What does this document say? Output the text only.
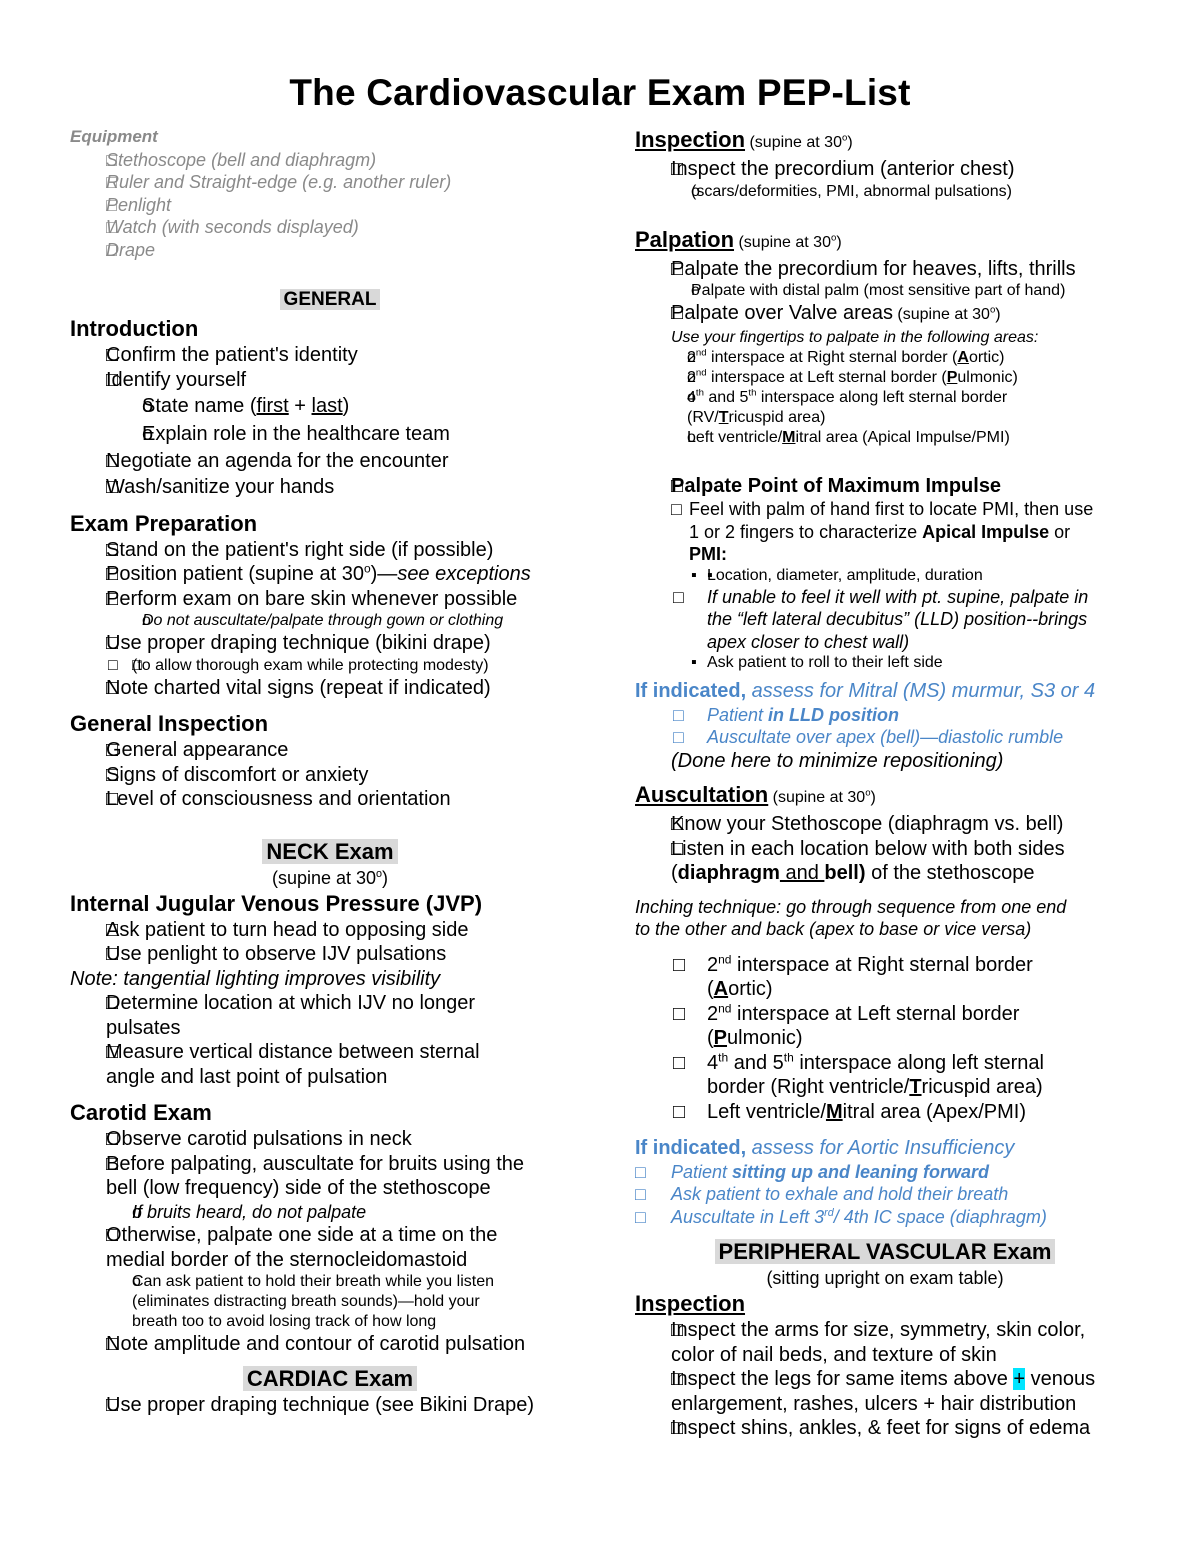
The Cardiovascular Exam PEP-List
Equipment
□ Stethoscope (bell and diaphragm)
□ Ruler and Straight-edge (e.g. another ruler)
□ Penlight
□ Watch (with seconds displayed)
□ Drape
GENERAL
Introduction
□ Confirm the patient's identity
□ Identify yourself
o State name (first + last)
o Explain role in the healthcare team
□ Negotiate an agenda for the encounter
□ Wash/sanitize your hands
Exam Preparation
□ Stand on the patient's right side (if possible)
□ Position patient (supine at 30$^o$)—see exceptions
□ Perform exam on bare skin whenever possible
o Do not auscultate/palpate through gown or clothing
□ Use proper draping technique (bikini drape)
□ □ (to allow thorough exam while protecting modesty)
□ Note charted vital signs (repeat if indicated)
General Inspection
□ General appearance
□ Signs of discomfort or anxiety
□ Level of consciousness and orientation
NECK Exam
(supine at 30$^o$)
Internal Jugular Venous Pressure (JVP)
□ Ask patient to turn head to opposing side
□ Use penlight to observe IJV pulsations
Note: tangential lighting improves visibility
□ Determine location at which IJV no longer
pulsates
□ Measure vertical distance between sternal
angle and last point of pulsation
Carotid Exam
□ Observe carotid pulsations in neck
□ Before palpating, auscultate for bruits using the
bell (low frequency) side of the stethoscope
o If bruits heard, do not palpate
□ Otherwise, palpate one side at a time on the
medial border of the sternocleidomastoid
o Can ask patient to hold their breath while you listen
(eliminates distracting breath sounds)—hold your
breath too to avoid losing track of how long
□ Note amplitude and contour of carotid pulsation
CARDIAC Exam
□ Use proper draping technique (see Bikini Drape)
Inspection (supine at 30$^o$)
□ Inspect the precordium (anterior chest)
o (scars/deformities, PMI, abnormal pulsations)
Palpation (supine at 30$^o$)
□ Palpate the precordium for heaves, lifts, thrills
o Palpate with distal palm (most sensitive part of hand)
□ Palpate over Valve areas (supine at 30$^o$)
Use your fingertips to palpate in the following areas:
o 2nd interspace at Right sternal border (Aortic)
o 2nd interspace at Left sternal border (Pulmonic)
o 4th and 5th interspace along left sternal border
(RV/Tricuspid area)
o Left ventricle/Mitral area (Apical Impulse/PMI)
□ Palpate Point of Maximum Impulse
□ Feel with palm of hand first to locate PMI, then use
1 or 2 fingers to characterize Apical Impulse or
PMI:
▪ ▪ Location, diameter, amplitude, duration
□ If unable to feel it well with pt. supine, palpate in
the “left lateral decubitus” (LLD) position--brings
apex closer to chest wall)
▪ Ask patient to roll to their left side
If indicated, assess for Mitral (MS) murmur, S3 or 4
□ Patient in LLD position
□ Auscultate over apex (bell)—diastolic rumble
(Done here to minimize repositioning)
Auscultation (supine at 30$^o$)
□ Know your Stethoscope (diaphragm vs. bell)
□ Listen in each location below with both sides
(diaphragm and bell) of the stethoscope
Inching technique: go through sequence from one end
to the other and back (apex to base or vice versa)
□ 2nd interspace at Right sternal border
(Aortic)
□ 2nd interspace at Left sternal border
(Pulmonic)
□ 4th and 5th interspace along left sternal
border (Right ventricle/Tricuspid area)
□ Left ventricle/Mitral area (Apex/PMI)
If indicated, assess for Aortic Insufficiency
□ Patient sitting up and leaning forward
□ Ask patient to exhale and hold their breath
□ Auscultate in Left 3rd/ 4th IC space (diaphragm)
PERIPHERAL VASCULAR Exam
(sitting upright on exam table)
Inspection
□ Inspect the arms for size, symmetry, skin color,
color of nail beds, and texture of skin
□ Inspect the legs for same items above + venous
enlargement, rashes, ulcers + hair distribution
□ Inspect shins, ankles, & feet for signs of edema
